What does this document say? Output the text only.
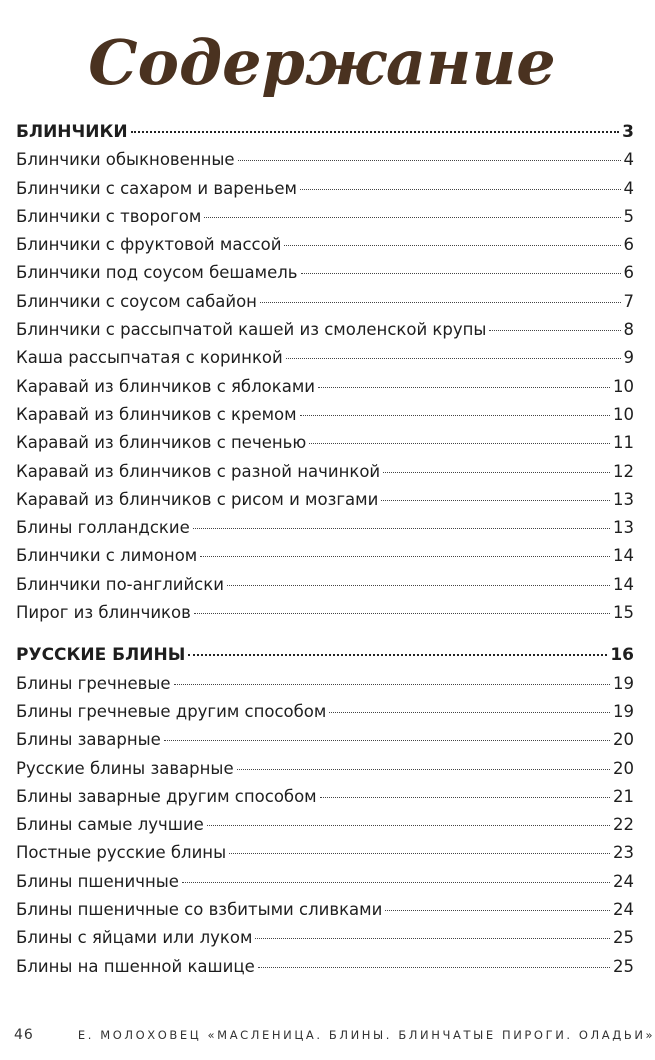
Содержание
БЛИНЧИКИ	3
Блинчики обыкновенные	4
Блинчики с сахаром и вареньем	4
Блинчики с творогом	5
Блинчики с фруктовой массой	6
Блинчики под соусом бешамель	6
Блинчики с соусом сабайон	7
Блинчики с рассыпчатой кашей из смоленской крупы	8
Каша рассыпчатая с коринкой	9
Каравай из блинчиков с яблоками	10
Каравай из блинчиков с кремом	10
Каравай из блинчиков с печенью	11
Каравай из блинчиков с разной начинкой	12
Каравай из блинчиков с рисом и мозгами	13
Блины голландские	13
Блинчики с лимоном	14
Блинчики по-английски	14
Пирог из блинчиков	15
РУССКИЕ БЛИНЫ	16
Блины гречневые	19
Блины гречневые другим способом	19
Блины заварные	20
Русские блины заварные	20
Блины заварные другим способом	21
Блины самые лучшие	22
Постные русские блины	23
Блины пшеничные	24
Блины пшеничные со взбитыми сливками	24
Блины с яйцами или луком	25
Блины на пшенной кашице	25
46	Е. МОЛОХОВЕЦ «МАСЛЕНИЦА. БЛИНЫ. БЛИНЧАТЫЕ ПИРОГИ. ОЛАДЬИ»
